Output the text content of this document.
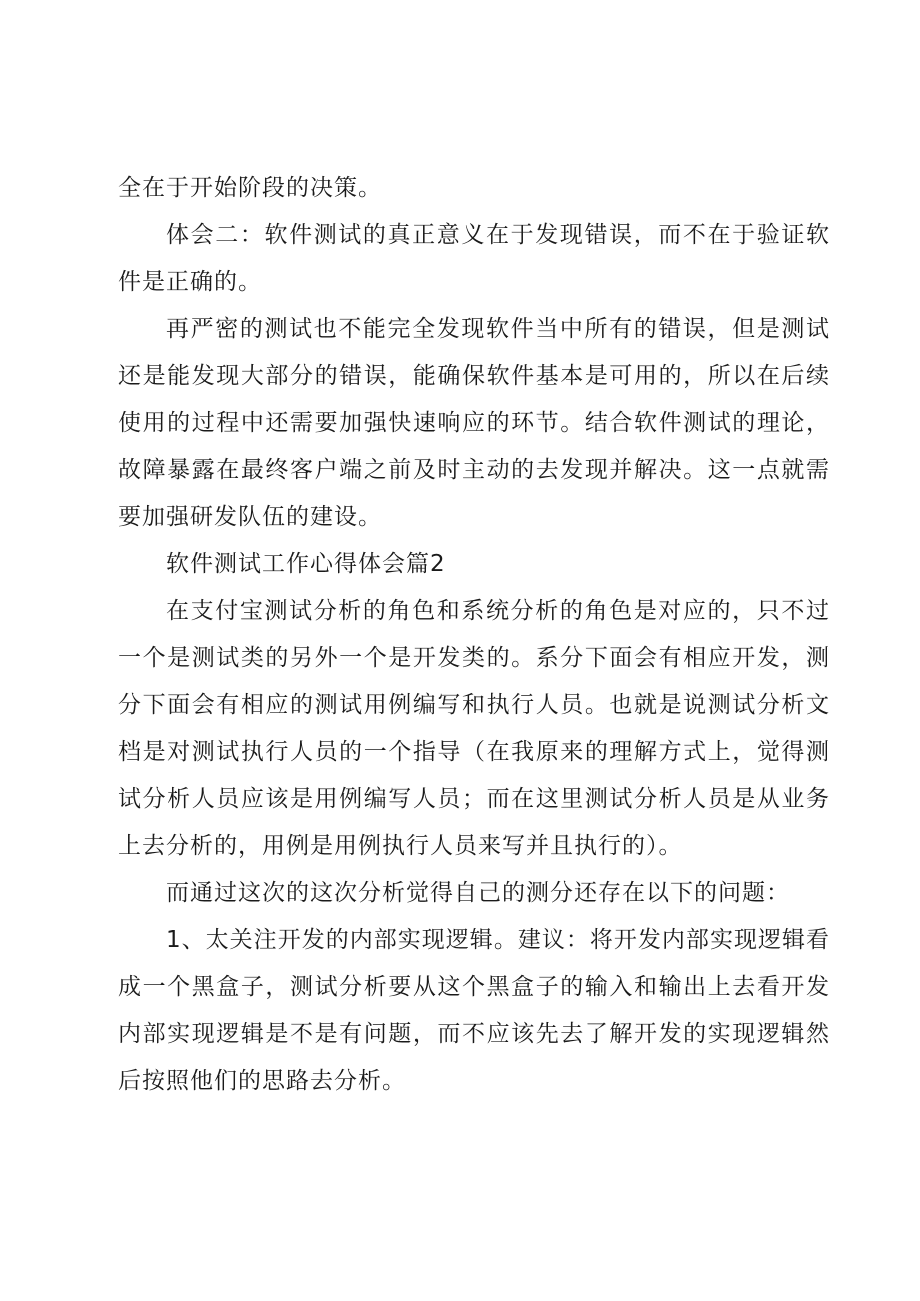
全在于开始阶段的决策。

体会二：软件测试的真正意义在于发现错误，而不在于验证软件是正确的。

再严密的测试也不能完全发现软件当中所有的错误，但是测试还是能发现大部分的错误，能确保软件基本是可用的，所以在后续使用的过程中还需要加强快速响应的环节。结合软件测试的理论，故障暴露在最终客户端之前及时主动的去发现并解决。这一点就需要加强研发队伍的建设。

软件测试工作心得体会篇2

在支付宝测试分析的角色和系统分析的角色是对应的，只不过一个是测试类的另外一个是开发类的。系分下面会有相应开发，测分下面会有相应的测试用例编写和执行人员。也就是说测试分析文档是对测试执行人员的一个指导（在我原来的理解方式上，觉得测试分析人员应该是用例编写人员；而在这里测试分析人员是从业务上去分析的，用例是用例执行人员来写并且执行的）。

而通过这次的这次分析觉得自己的测分还存在以下的问题：

1、太关注开发的内部实现逻辑。建议：将开发内部实现逻辑看成一个黑盒子，测试分析要从这个黑盒子的输入和输出上去看开发内部实现逻辑是不是有问题，而不应该先去了解开发的实现逻辑然后按照他们的思路去分析。
